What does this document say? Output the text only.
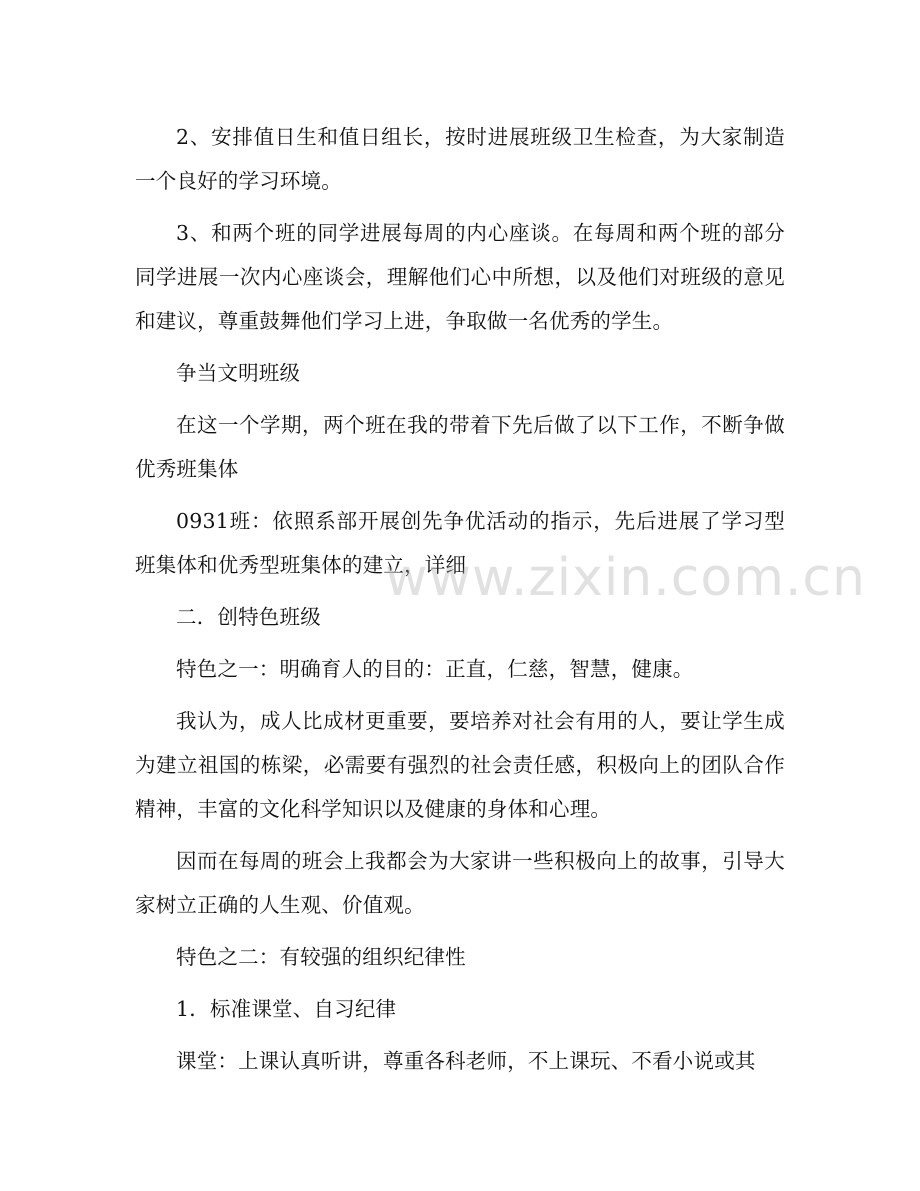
2、安排值日生和值日组长，按时进展班级卫生检查，为大家制造一个良好的学习环境。

3、和两个班的同学进展每周的内心座谈。在每周和两个班的部分同学进展一次内心座谈会，理解他们心中所想，以及他们对班级的意见和建议，尊重鼓舞他们学习上进，争取做一名优秀的学生。

争当文明班级

在这一个学期，两个班在我的带着下先后做了以下工作，不断争做优秀班集体

0931班：依照系部开展创先争优活动的指示，先后进展了学习型班集体和优秀型班集体的建立，详细

二．创特色班级

特色之一：明确育人的目的：正直，仁慈，智慧，健康。

我认为，成人比成材更重要，要培养对社会有用的人，要让学生成为建立祖国的栋梁，必需要有强烈的社会责任感，积极向上的团队合作精神，丰富的文化科学知识以及健康的身体和心理。

因而在每周的班会上我都会为大家讲一些积极向上的故事，引导大家树立正确的人生观、价值观。

特色之二：有较强的组织纪律性

1．标准课堂、自习纪律

课堂：上课认真听讲，尊重各科老师，不上课玩、不看小说或其

www.zixin.com.cn
